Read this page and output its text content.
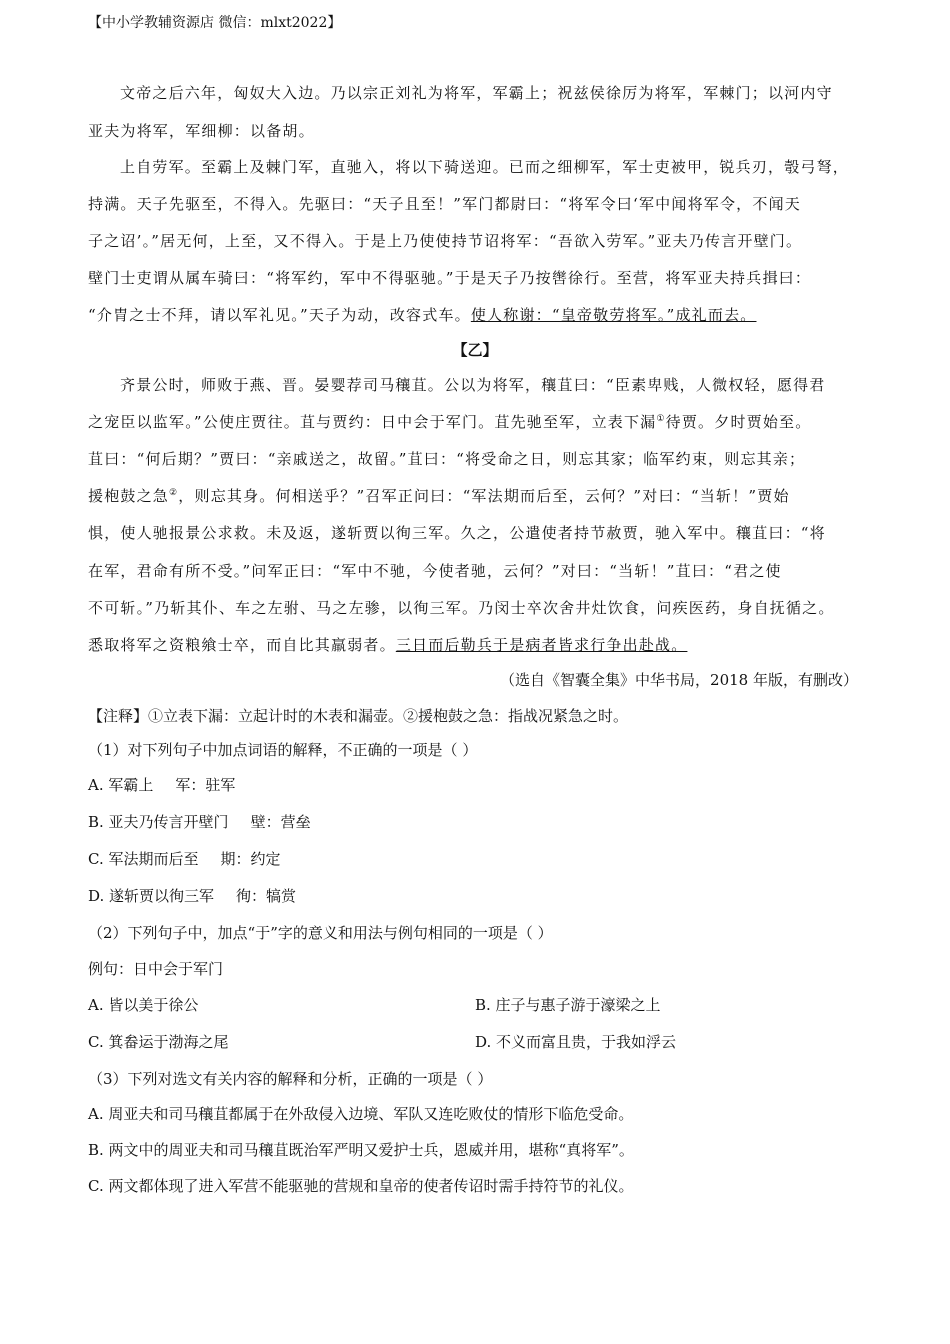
【中小学教辅资源店 微信：mlxt2022】
文帝之后六年，匈奴大入边。乃以宗正刘礼为将军，军霸上；祝兹侯徐厉为将军，军棘门；以河内守
亚夫为将军，军细柳：以备胡。
上自劳军。至霸上及棘门军，直驰入，将以下骑送迎。已而之细柳军，军士吏被甲，锐兵刃，彀弓弩，
持满。天子先驱至，不得入。先驱曰：“天子且至！”军门都尉曰：“将军令曰‘军中闻将军令，不闻天
子之诏’。”居无何，上至，又不得入。于是上乃使使持节诏将军：“吾欲入劳军。”亚夫乃传言开壁门。
壁门士吏谓从属车骑曰：“将军约，军中不得驱驰。”于是天子乃按辔徐行。至营，将军亚夫持兵揖曰：
“介胄之士不拜，请以军礼见。”天子为动，改容式车。使人称谢：“皇帝敬劳将军。”成礼而去。
【乙】
齐景公时，师败于燕、晋。晏婴荐司马穰苴。公以为将军，穰苴曰：“臣素卑贱，人微权轻，愿得君
之宠臣以监军。”公使庄贾往。苴与贾约：日中会于军门。苴先驰至军，立表下漏①待贾。夕时贾始至。
苴曰：“何后期？”贾曰：“亲戚送之，故留。”苴曰：“将受命之日，则忘其家；临军约束，则忘其亲；
援枹鼓之急②，则忘其身。何相送乎？”召军正问曰：“军法期而后至，云何？”对曰：“当斩！”贾始
惧，使人驰报景公求救。未及返，遂斩贾以徇三军。久之，公遣使者持节赦贾，驰入军中。穰苴曰：“将
在军，君命有所不受。”问军正曰：“军中不驰，今使者驰，云何？”对曰：“当斩！”苴曰：“君之使
不可斩。”乃斩其仆、车之左驸、马之左骖，以徇三军。乃闵士卒次舍井灶饮食，问疾医药，身自抚循之。
悉取将军之资粮飨士卒，而自比其羸弱者。三日而后勒兵于是病者皆求行争出赴战。
（选自《智囊全集》中华书局，2018 年版，有删改）
【注释】①立表下漏：立起计时的木表和漏壶。②援枹鼓之急：指战况紧急之时。
（1）对下列句子中加点词语的解释，不正确的一项是（ ）
A. 军霸上 军：驻军
B. 亚夫乃传言开壁门 壁：营垒
C. 军法期而后至 期：约定
D. 遂斩贾以徇三军 徇：犒赏
（2）下列句子中，加点“于”字的意义和用法与例句相同的一项是（ ）
例句：日中会于军门
A. 皆以美于徐公	B. 庄子与惠子游于濠梁之上
C. 箕畚运于渤海之尾	D. 不义而富且贵，于我如浮云
（3）下列对选文有关内容的解释和分析，正确的一项是（ ）
A. 周亚夫和司马穰苴都属于在外敌侵入边境、军队又连吃败仗的情形下临危受命。
B. 两文中的周亚夫和司马穰苴既治军严明又爱护士兵，恩威并用，堪称“真将军”。
C. 两文都体现了进入军营不能驱驰的营规和皇帝的使者传诏时需手持符节的礼仪。
